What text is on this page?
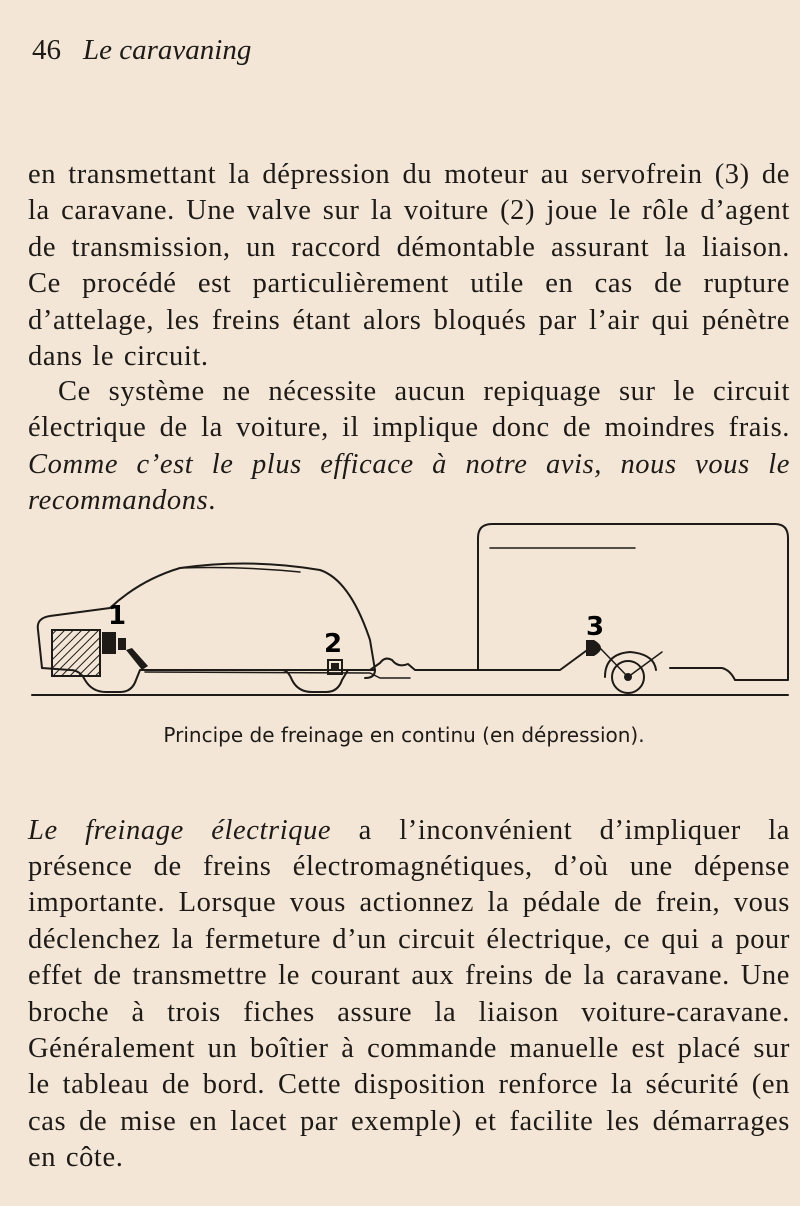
46 Le caravaning

en transmettant la dépression du moteur au servofrein (3) de la caravane. Une valve sur la voiture (2) joue le rôle d’agent de transmission, un raccord démontable assurant la liaison. Ce procédé est particulièrement utile en cas de rupture d’attelage, les freins étant alors bloqués par l’air qui pénètre dans le circuit.

Ce système ne nécessite aucun repiquage sur le circuit électrique de la voiture, il implique donc de moindres frais. Comme c’est le plus efficace à notre avis, nous vous le recommandons.

1
2
3
Principe de freinage en continu (en dépression).

Le freinage électrique a l’inconvénient d’impliquer la présence de freins électromagnétiques, d’où une dépense importante. Lorsque vous actionnez la pédale de frein, vous déclenchez la fermeture d’un circuit électrique, ce qui a pour effet de transmettre le courant aux freins de la caravane. Une broche à trois fiches assure la liaison voiture-caravane. Généralement un boîtier à commande manuelle est placé sur le tableau de bord. Cette disposition renforce la sécurité (en cas de mise en lacet par exemple) et facilite les démarrages en côte.
